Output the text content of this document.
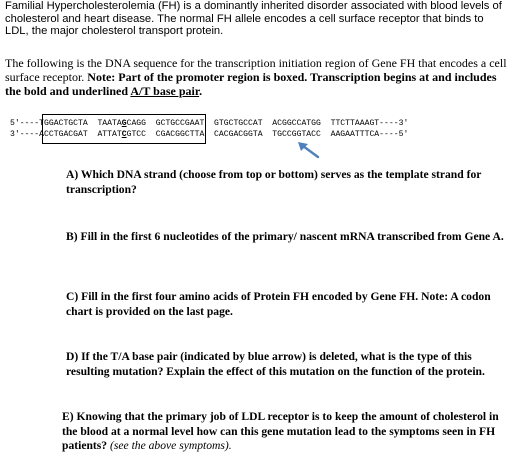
Familial Hypercholesterolemia (FH) is a dominantly inherited disorder associated with blood levels of cholesterol and heart disease. The normal FH allele encodes a cell surface receptor that binds to LDL, the major cholesterol transport protein.
The following is the DNA sequence for the transcription initiation region of Gene FH that encodes a cell surface receptor. Note: Part of the promoter region is boxed. Transcription begins at and includes the bold and underlined A/T base pair.
5'----TGGACTGCTA  TAATAGCAGG  GCTGCCGAAT  GTGCTGCCAT  ACGGCCATGG  TTCTTAAAGT----3'
3'----ACCTGACGAT  ATTATCGTCC  CGACGGCTTA  CACGACGGTA  TGCCGGTACC  AAGAATTTCA----5'
A) Which DNA strand (choose from top or bottom) serves as the template strand for transcription?
B) Fill in the first 6 nucleotides of the primary/ nascent mRNA transcribed from Gene A.
C) Fill in the first four amino acids of Protein FH encoded by Gene FH. Note: A codon chart is provided on the last page.
D) If the T/A base pair (indicated by blue arrow) is deleted, what is the type of this resulting mutation? Explain the effect of this mutation on the function of the protein.
E) Knowing that the primary job of LDL receptor is to keep the amount of cholesterol in the blood at a normal level how can this gene mutation lead to the symptoms seen in FH patients? (see the above symptoms).
